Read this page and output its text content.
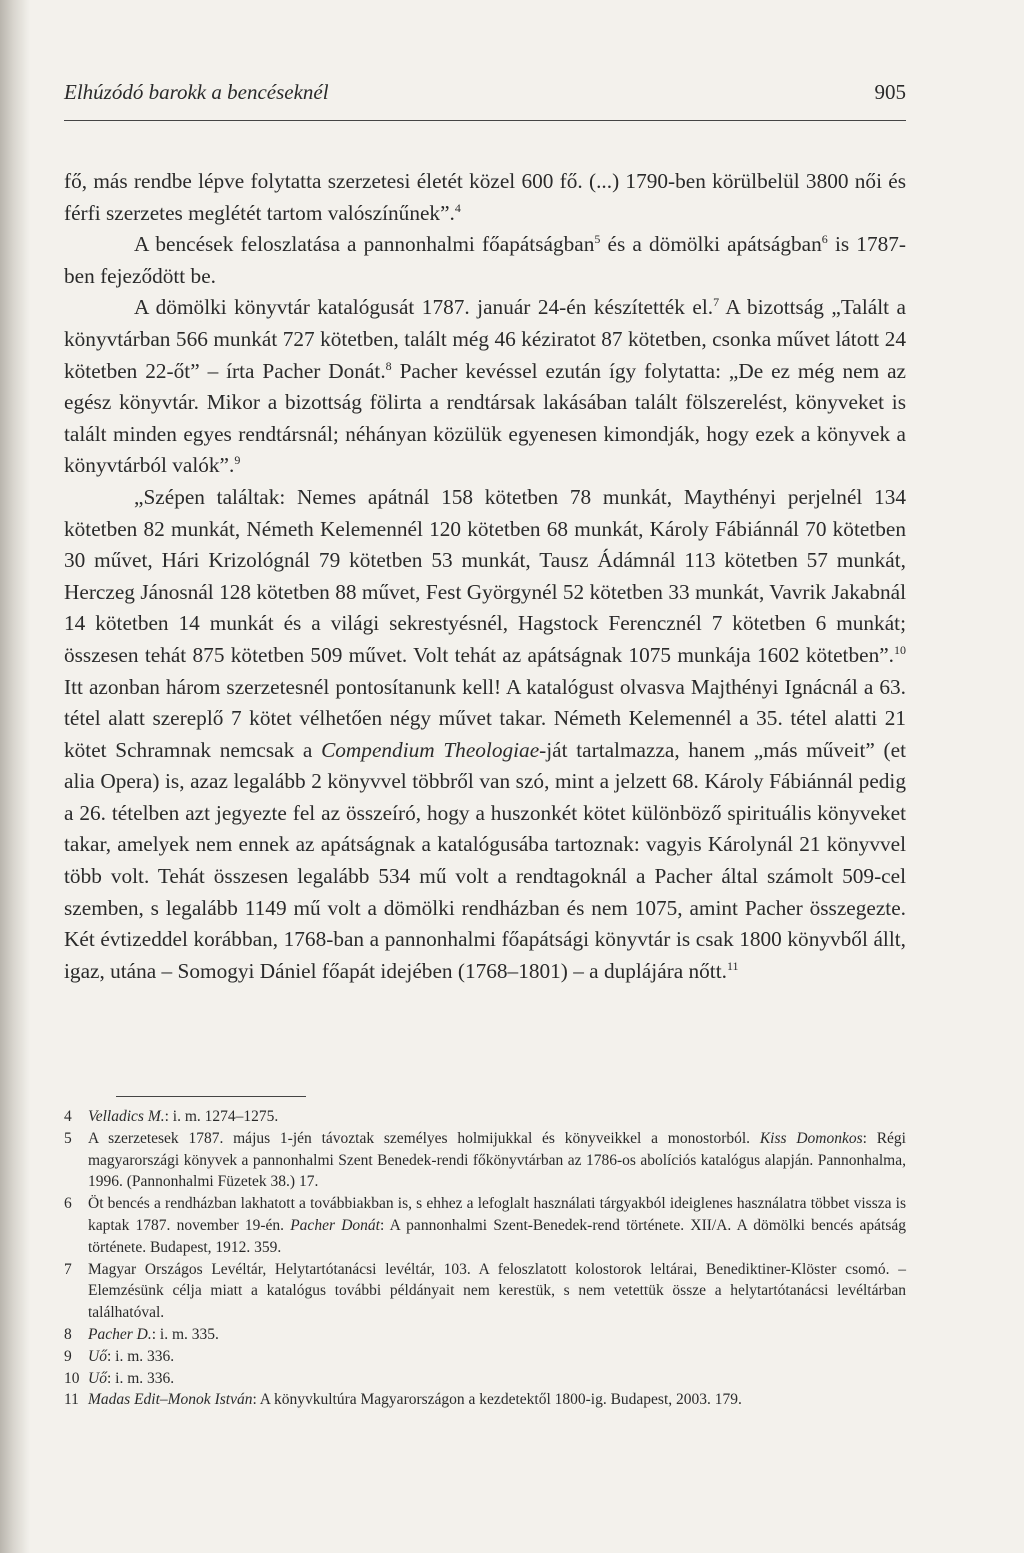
Elhúzódó barokk a bencéseknél	905

fő, más rendbe lépve folytatta szerzetesi életét közel 600 fő. (...) 1790-ben körülbelül 3800 női és férfi szerzetes meglétét tartom valószínűnek”.$^4$

A bencések feloszlatása a pannonhalmi főapátságban$^5$ és a dömölki apátságban$^6$ is 1787-ben fejeződött be.

A dömölki könyvtár katalógusát 1787. január 24-én készítették el.$^7$ A bizottság „Talált a könyvtárban 566 munkát 727 kötetben, talált még 46 kéziratot 87 kötetben, csonka művet látott 24 kötetben 22-őt” – írta Pacher Donát.$^8$ Pacher kevéssel ezután így folytatta: „De ez még nem az egész könyvtár. Mikor a bizottság fölirta a rendtársak lakásában talált fölszerelést, könyveket is talált minden egyes rendtársnál; néhányan közülük egyenesen kimondják, hogy ezek a könyvek a könyvtárból valók”.$^9$

„Szépen találtak: Nemes apátnál 158 kötetben 78 munkát, Maythényi perjelnél 134 kötetben 82 munkát, Németh Kelemennél 120 kötetben 68 munkát, Károly Fábiánnál 70 kötetben 30 művet, Hári Krizológnál 79 kötetben 53 munkát, Tausz Ádámnál 113 kötetben 57 munkát, Herczeg Jánosnál 128 kötetben 88 művet, Fest Györgynél 52 kötetben 33 munkát, Vavrik Jakabnál 14 kötetben 14 munkát és a világi sekrestyésnél, Hagstock Ferencznél 7 kötetben 6 munkát; összesen tehát 875 kötetben 509 művet. Volt tehát az apátságnak 1075 munkája 1602 kötetben”.$^{10}$ Itt azonban három szerzetesnél pontosítanunk kell! A katalógust olvasva Majthényi Ignácnál a 63. tétel alatt szereplő 7 kötet vélhetően négy művet takar. Németh Kelemennél a 35. tétel alatti 21 kötet Schramnak nemcsak a Compendium Theologiae-ját tartalmazza, hanem „más műveit” (et alia Opera) is, azaz legalább 2 könyvvel többről van szó, mint a jelzett 68. Károly Fábiánnál pedig a 26. tételben azt jegyezte fel az összeíró, hogy a huszonkét kötet különböző spirituális könyveket takar, amelyek nem ennek az apátságnak a katalógusába tartoznak: vagyis Károlynál 21 könyvvel több volt. Tehát összesen legalább 534 mű volt a rendtagoknál a Pacher által számolt 509-cel szemben, s legalább 1149 mű volt a dömölki rendházban és nem 1075, amint Pacher összegezte. Két évtizeddel korábban, 1768-ban a pannonhalmi főapátsági könyvtár is csak 1800 könyvből állt, igaz, utána – Somogyi Dániel főapát idejében (1768–1801) – a duplájára nőtt.$^{11}$

4	Velladics M.: i. m. 1274–1275.
5	A szerzetesek 1787. május 1-jén távoztak személyes holmijukkal és könyveikkel a monostorból. Kiss Domonkos: Régi magyarországi könyvek a pannonhalmi Szent Benedek-rendi főkönyvtárban az 1786-os abolíciós katalógus alapján. Pannonhalma, 1996. (Pannonhalmi Füzetek 38.) 17.
6	Öt bencés a rendházban lakhatott a továbbiakban is, s ehhez a lefoglalt használati tárgyakból ideiglenes használatra többet vissza is kaptak 1787. november 19-én. Pacher Donát: A pannonhalmi Szent-Benedek-rend története. XII/A. A dömölki bencés apátság története. Budapest, 1912. 359.
7	Magyar Országos Levéltár, Helytartótanácsi levéltár, 103. A feloszlatott kolostorok leltárai, Benediktiner-Klöster csomó. – Elemzésünk célja miatt a katalógus további példányait nem kerestük, s nem vetettük össze a helytartótanácsi levéltárban találhatóval.
8	Pacher D.: i. m. 335.
9	Uő: i. m. 336.
10 Uő: i. m. 336.
11 Madas Edit–Monok István: A könyvkultúra Magyarországon a kezdetektől 1800-ig. Budapest, 2003. 179.
